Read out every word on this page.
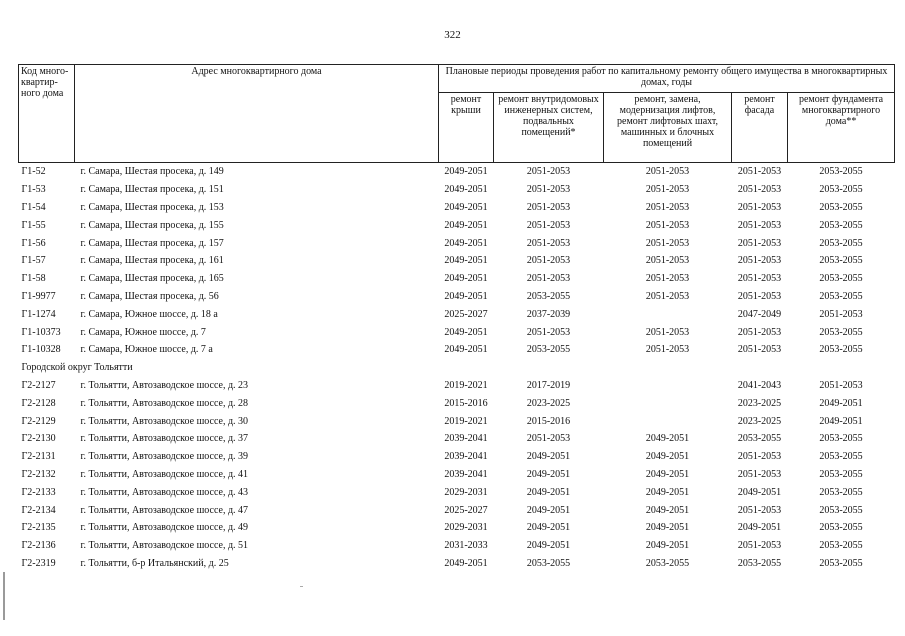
322
Код много-квартир-ного дома	Адрес многоквартирного дома	Плановые периоды проведения работ по капитальному ремонту общего имущества в многоквартирных домах, годы				
		ремонт крыши	ремонт внутридомовых инженерных систем, подвальных помещений*	ремонт, замена, модернизация лифтов, ремонт лифтовых шахт, машинных и блочных помещений	ремонт фасада	ремонт фундамента многоквартирного дома**
Г1-52	г. Самара, Шестая просека, д. 149	2049-2051	2051-2053	2051-2053	2051-2053	2053-2055
Г1-53	г. Самара, Шестая просека, д. 151	2049-2051	2051-2053	2051-2053	2051-2053	2053-2055
Г1-54	г. Самара, Шестая просека, д. 153	2049-2051	2051-2053	2051-2053	2051-2053	2053-2055
Г1-55	г. Самара, Шестая просека, д. 155	2049-2051	2051-2053	2051-2053	2051-2053	2053-2055
Г1-56	г. Самара, Шестая просека, д. 157	2049-2051	2051-2053	2051-2053	2051-2053	2053-2055
Г1-57	г. Самара, Шестая просека, д. 161	2049-2051	2051-2053	2051-2053	2051-2053	2053-2055
Г1-58	г. Самара, Шестая просека, д. 165	2049-2051	2051-2053	2051-2053	2051-2053	2053-2055
Г1-9977	г. Самара, Шестая просека, д. 56	2049-2051	2053-2055	2051-2053	2051-2053	2053-2055
Г1-1274	г. Самара, Южное шоссе, д. 18 а	2025-2027	2037-2039		2047-2049	2051-2053
Г1-10373	г. Самара, Южное шоссе, д. 7	2049-2051	2051-2053	2051-2053	2051-2053	2053-2055
Г1-10328	г. Самара, Южное шоссе, д. 7 а	2049-2051	2053-2055	2051-2053	2051-2053	2053-2055
Городской округ Тольятти						
Г2-2127	г. Тольятти, Автозаводское шоссе, д. 23	2019-2021	2017-2019		2041-2043	2051-2053
Г2-2128	г. Тольятти, Автозаводское шоссе, д. 28	2015-2016	2023-2025		2023-2025	2049-2051
Г2-2129	г. Тольятти, Автозаводское шоссе, д. 30	2019-2021	2015-2016		2023-2025	2049-2051
Г2-2130	г. Тольятти, Автозаводское шоссе, д. 37	2039-2041	2051-2053	2049-2051	2053-2055	2053-2055
Г2-2131	г. Тольятти, Автозаводское шоссе, д. 39	2039-2041	2049-2051	2049-2051	2051-2053	2053-2055
Г2-2132	г. Тольятти, Автозаводское шоссе, д. 41	2039-2041	2049-2051	2049-2051	2051-2053	2053-2055
Г2-2133	г. Тольятти, Автозаводское шоссе, д. 43	2029-2031	2049-2051	2049-2051	2049-2051	2053-2055
Г2-2134	г. Тольятти, Автозаводское шоссе, д. 47	2025-2027	2049-2051	2049-2051	2051-2053	2053-2055
Г2-2135	г. Тольятти, Автозаводское шоссе, д. 49	2029-2031	2049-2051	2049-2051	2049-2051	2053-2055
Г2-2136	г. Тольятти, Автозаводское шоссе, д. 51	2031-2033	2049-2051	2049-2051	2051-2053	2053-2055
Г2-2319	г. Тольятти, б-р Итальянский, д. 25	2049-2051	2053-2055	2053-2055	2053-2055	2053-2055
